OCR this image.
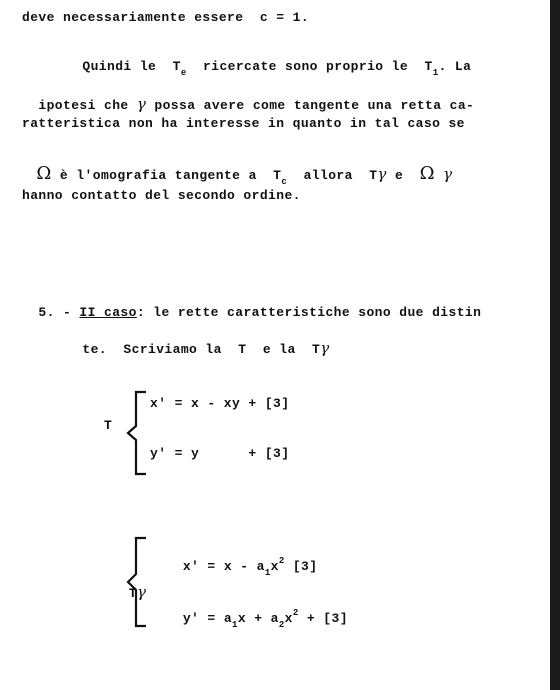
deve necessariamente essere  c = 1.

Quindi le  $T_e$  ricercate sono proprio le  $T_1$. La

ipotesi che γ possa avere come tangente una retta ca-

ratteristica non ha interesse in quanto in tal caso se

Ω è l'omografia tangente a  $T_c$  allora  Tγ e  Ω γ

hanno contatto del secondo ordine.

5. - II caso: le rette caratteristiche sono due distin

te.  Scriviamo la  T  e la  Tγ

T
x' = x - xy + [3]
y' = y      + [3]

Tγ

$x' = x - a_1x^2$ [3]

$y' = a_1x + a_2x^2 + [3]$
